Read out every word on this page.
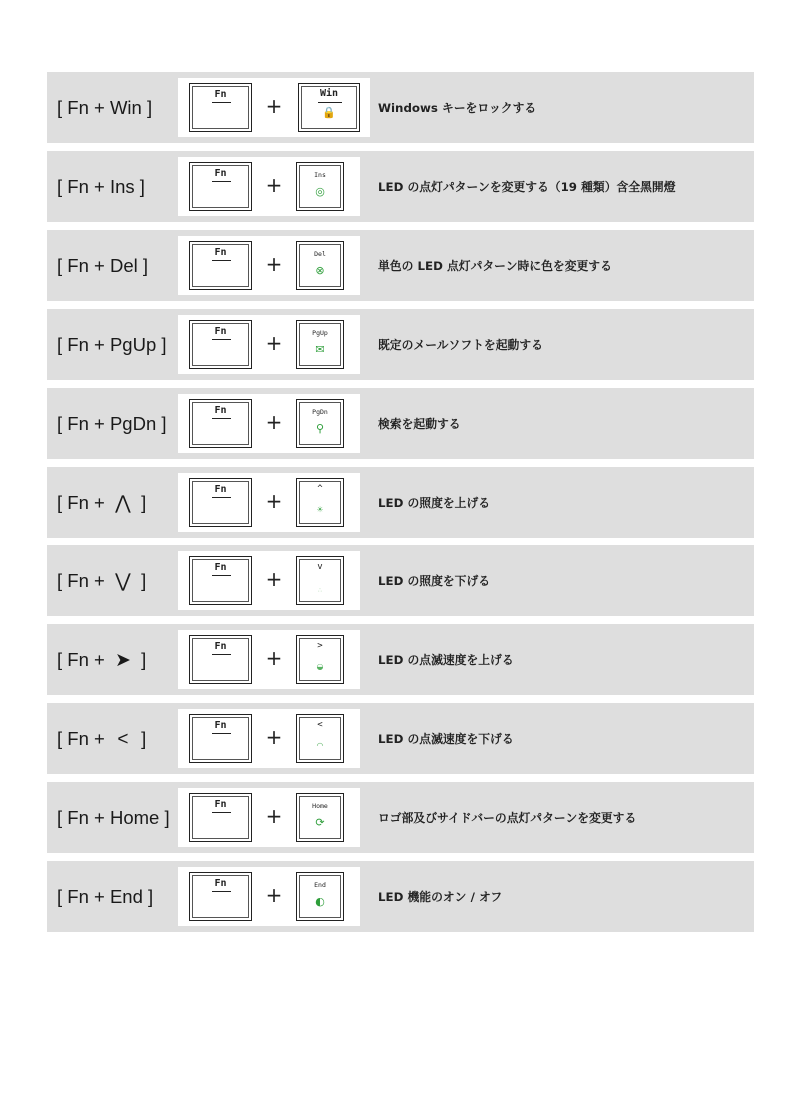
[ Fn + Win ]
Fn	+
Win
🔒	Windows キーをロックする
[ Fn + Ins ]
Fn	+	Ins
◎	LED の点灯パターンを変更する（19 種類）含全黑開燈
[ Fn + Del ]
Fn	+	Del
⊗	単色の LED 点灯パターン時に色を変更する
[ Fn + PgUp ]
Fn	+	PgUp
✉	既定のメールソフトを起動する
[ Fn + PgDn ]
Fn	+	PgDn
⚲	検索を起動する
[ Fn + ⋀ ]
Fn	+	^
☀	LED の照度を上げる
[ Fn + ⋁ ]
Fn	+	v
∴
LED の照度を下げる
[ Fn + ➤ ]
Fn	+	>
◒	LED の点滅速度を上げる
[ Fn + < ]
Fn	+	<
◠	LED の点滅速度を下げる
[ Fn + Home ]
Fn	+	Home
⟳	ロゴ部及びサイドバーの点灯パターンを変更する
[ Fn + End ]
Fn	+	End
◐	LED 機能のオン / オフ
